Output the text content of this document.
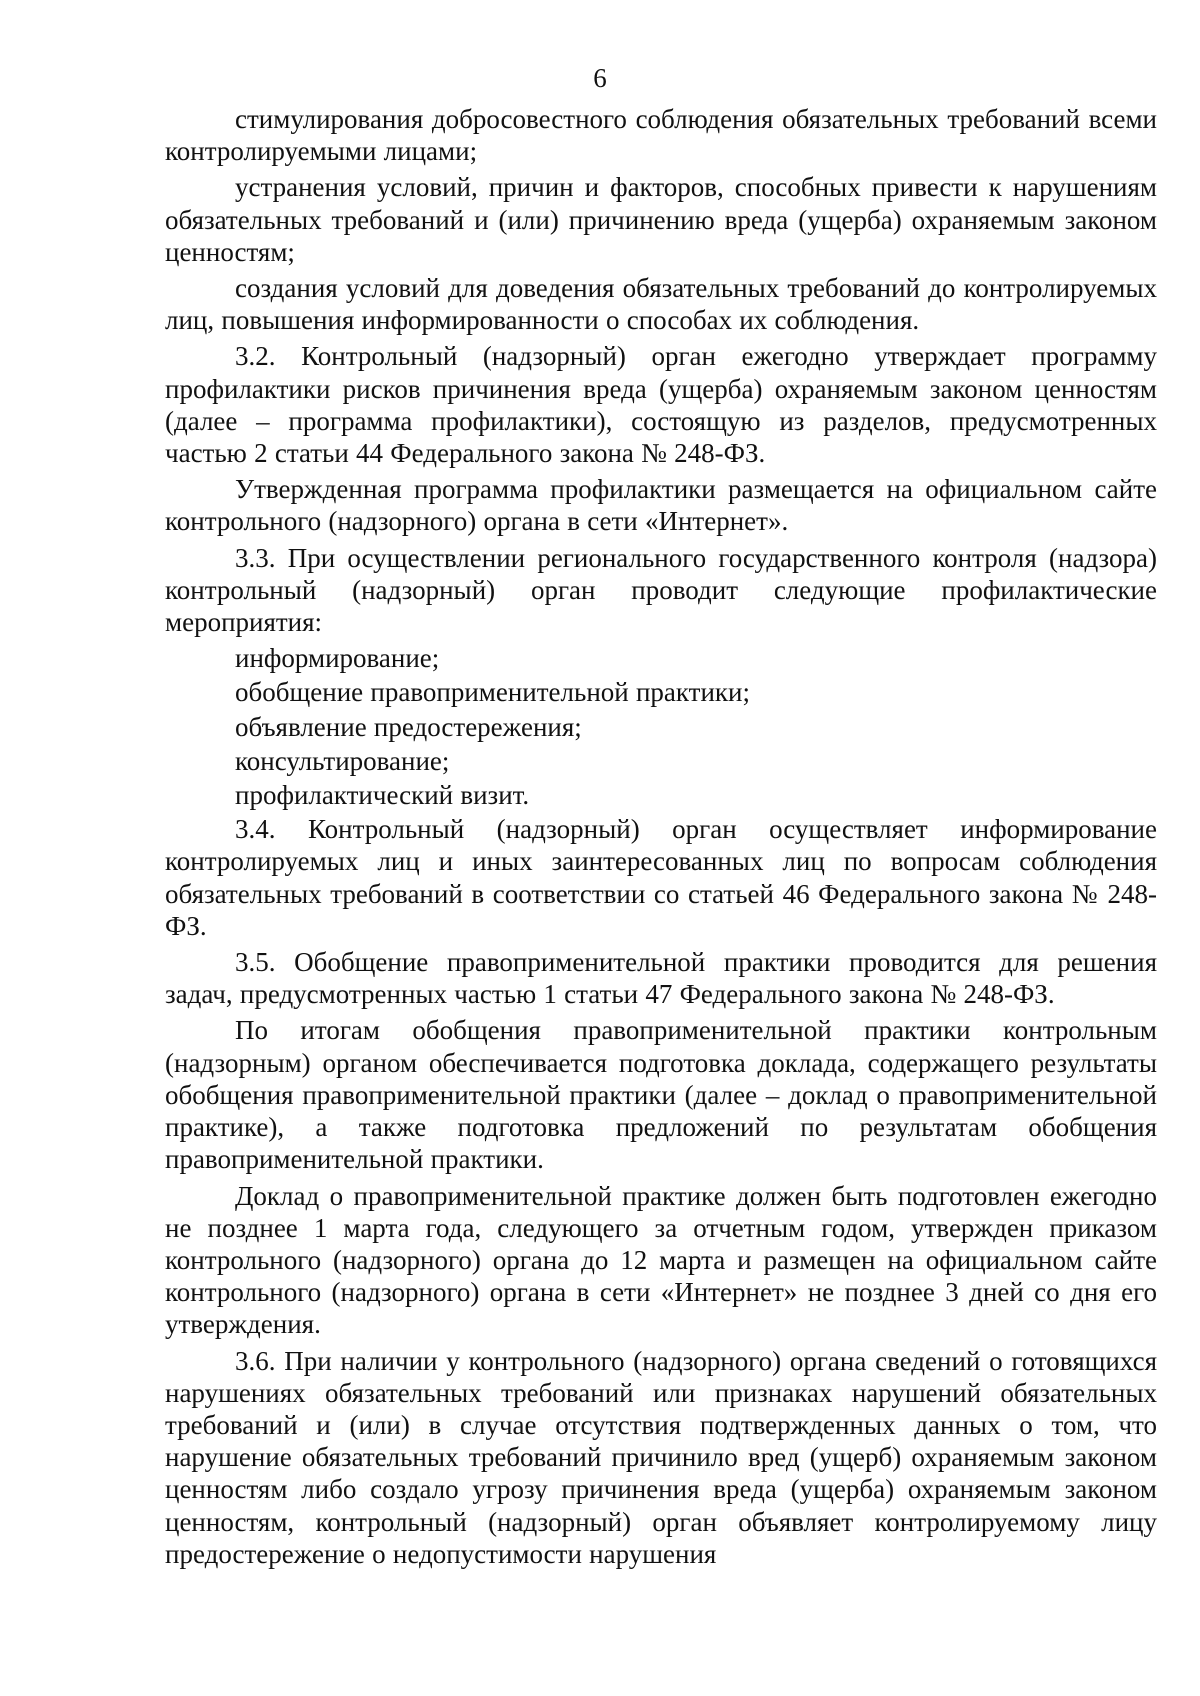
6

стимулирования добросовестного соблюдения обязательных требований всеми контролируемыми лицами;

устранения условий, причин и факторов, способных привести к нарушениям обязательных требований и (или) причинению вреда (ущерба) охраняемым законом ценностям;

создания условий для доведения обязательных требований до контролируемых лиц, повышения информированности о способах их соблюдения.

3.2. Контрольный (надзорный) орган ежегодно утверждает программу профилактики рисков причинения вреда (ущерба) охраняемым законом ценностям (далее – программа профилактики), состоящую из разделов, предусмотренных частью 2 статьи 44 Федерального закона № 248-ФЗ.

Утвержденная программа профилактики размещается на официальном сайте контрольного (надзорного) органа в сети «Интернет».

3.3. При осуществлении регионального государственного контроля (надзора) контрольный (надзорный) орган проводит следующие профилактические мероприятия:

информирование;

обобщение правоприменительной практики;

объявление предостережения;

консультирование;

профилактический визит.

3.4. Контрольный (надзорный) орган осуществляет информирование контролируемых лиц и иных заинтересованных лиц по вопросам соблюдения обязательных требований в соответствии со статьей 46 Федерального закона № 248-ФЗ.

3.5. Обобщение правоприменительной практики проводится для решения задач, предусмотренных частью 1 статьи 47 Федерального закона № 248-ФЗ.

По итогам обобщения правоприменительной практики контрольным (надзорным) органом обеспечивается подготовка доклада, содержащего результаты обобщения правоприменительной практики (далее – доклад о правоприменительной практике), а также подготовка предложений по результатам обобщения правоприменительной практики.

Доклад о правоприменительной практике должен быть подготовлен ежегодно не позднее 1 марта года, следующего за отчетным годом, утвержден приказом контрольного (надзорного) органа до 12 марта и размещен на официальном сайте контрольного (надзорного) органа в сети «Интернет» не позднее 3 дней со дня его утверждения.

3.6. При наличии у контрольного (надзорного) органа сведений о готовящихся нарушениях обязательных требований или признаках нарушений обязательных требований и (или) в случае отсутствия подтвержденных данных о том, что нарушение обязательных требований причинило вред (ущерб) охраняемым законом ценностям либо создало угрозу причинения вреда (ущерба) охраняемым законом ценностям, контрольный (надзорный) орган объявляет контролируемому лицу предостережение о недопустимости нарушения
